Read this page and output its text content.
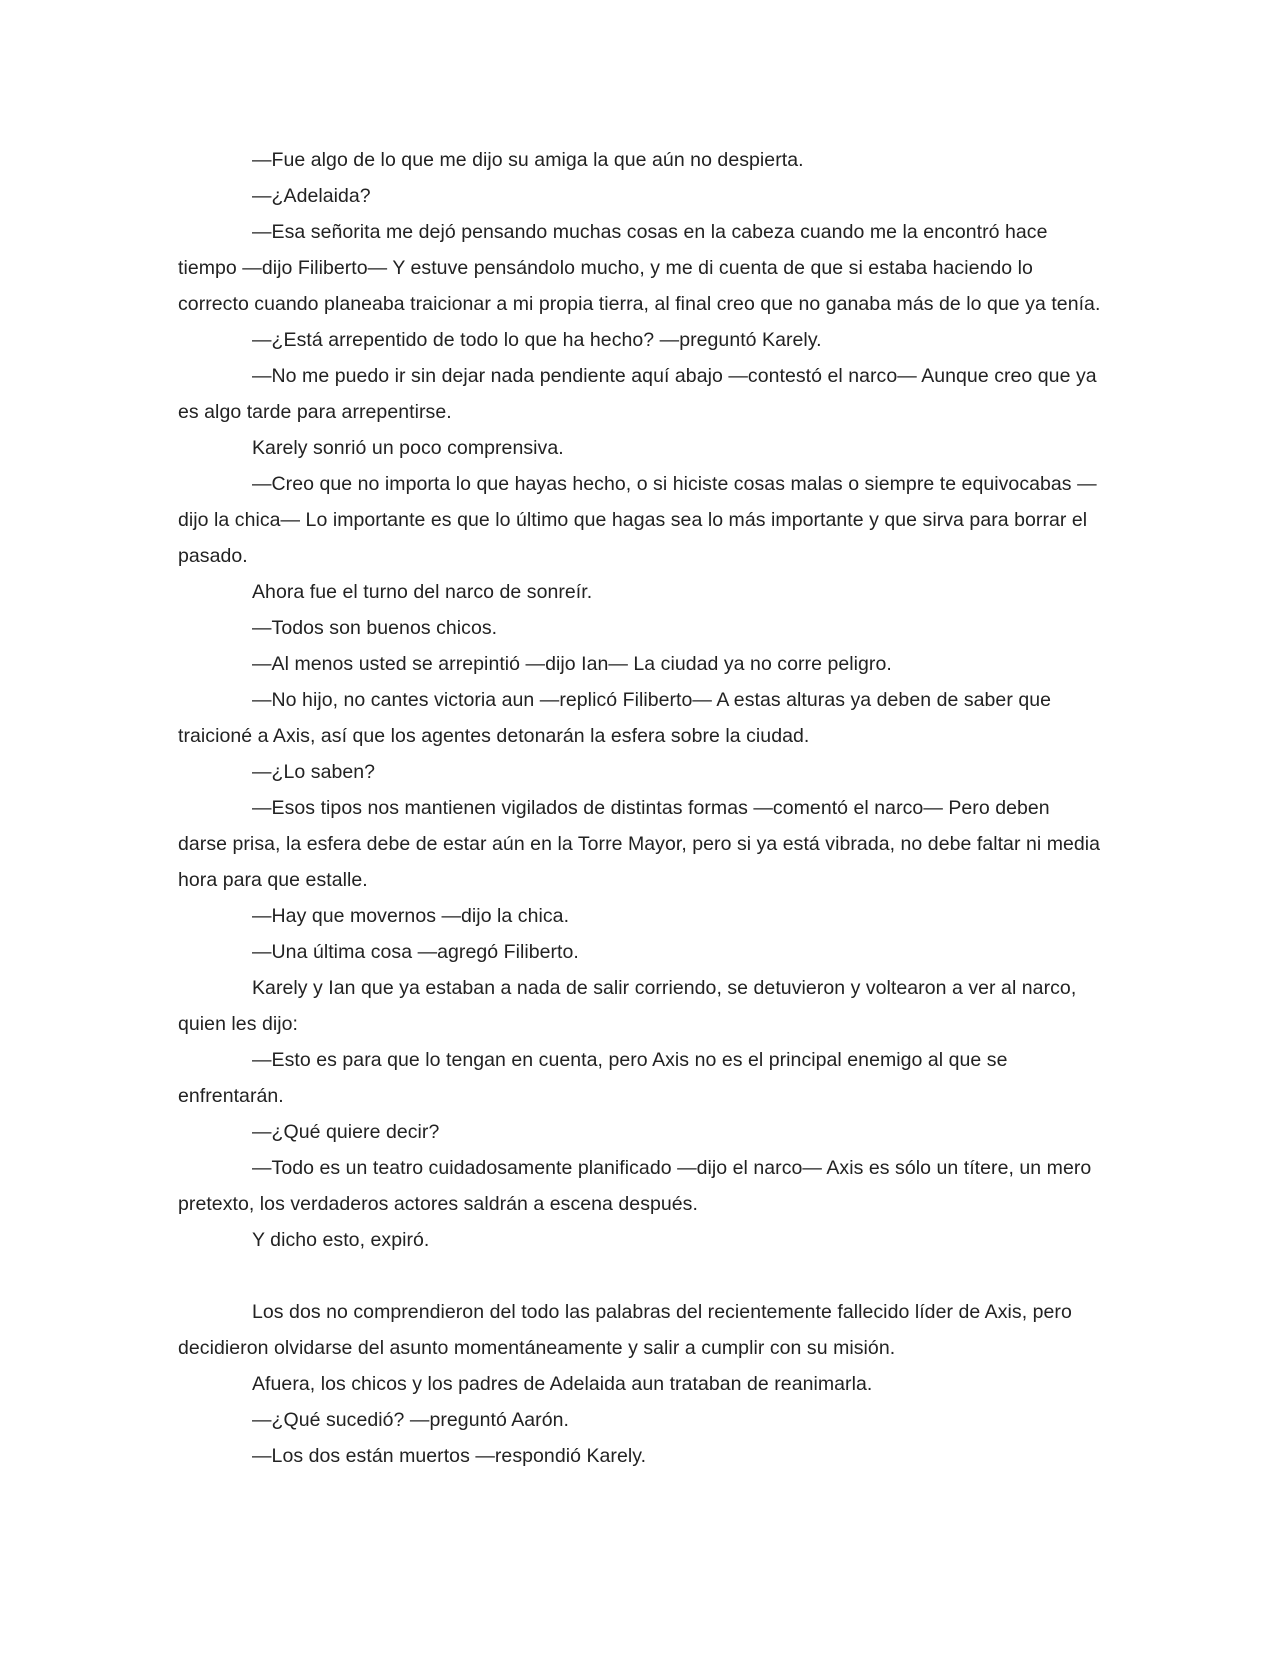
—Fue algo de lo que me dijo su amiga la que aún no despierta.

—¿Adelaida?

—Esa señorita me dejó pensando muchas cosas en la cabeza cuando me la encontró hace tiempo —dijo Filiberto— Y estuve pensándolo mucho, y me di cuenta de que si estaba haciendo lo correcto cuando planeaba traicionar a mi propia tierra, al final creo que no ganaba más de lo que ya tenía.

—¿Está arrepentido de todo lo que ha hecho? —preguntó Karely.

—No me puedo ir sin dejar nada pendiente aquí abajo —contestó el narco— Aunque creo que ya es algo tarde para arrepentirse.

Karely sonrió un poco comprensiva.

—Creo que no importa lo que hayas hecho, o si hiciste cosas malas o siempre te equivocabas —dijo la chica— Lo importante es que lo último que hagas sea lo más importante y que sirva para borrar el pasado.

Ahora fue el turno del narco de sonreír.

—Todos son buenos chicos.

—Al menos usted se arrepintió —dijo Ian— La ciudad ya no corre peligro.

—No hijo, no cantes victoria aun —replicó Filiberto— A estas alturas ya deben de saber que traicioné a Axis, así que los agentes detonarán la esfera sobre la ciudad.

—¿Lo saben?

—Esos tipos nos mantienen vigilados de distintas formas —comentó el narco— Pero deben darse prisa, la esfera debe de estar aún en la Torre Mayor, pero si ya está vibrada, no debe faltar ni media hora para que estalle.

—Hay que movernos —dijo la chica.

—Una última cosa —agregó Filiberto.

Karely y Ian que ya estaban a nada de salir corriendo, se detuvieron y voltearon a ver al narco, quien les dijo:

—Esto es para que lo tengan en cuenta, pero Axis no es el principal enemigo al que se enfrentarán.

—¿Qué quiere decir?

—Todo es un teatro cuidadosamente planificado —dijo el narco— Axis es sólo un títere, un mero pretexto, los verdaderos actores saldrán a escena después.

Y dicho esto, expiró.

Los dos no comprendieron del todo las palabras del recientemente fallecido líder de Axis, pero decidieron olvidarse del asunto momentáneamente y salir a cumplir con su misión.

Afuera, los chicos y los padres de Adelaida aun trataban de reanimarla.

—¿Qué sucedió? —preguntó Aarón.

—Los dos están muertos —respondió Karely.
